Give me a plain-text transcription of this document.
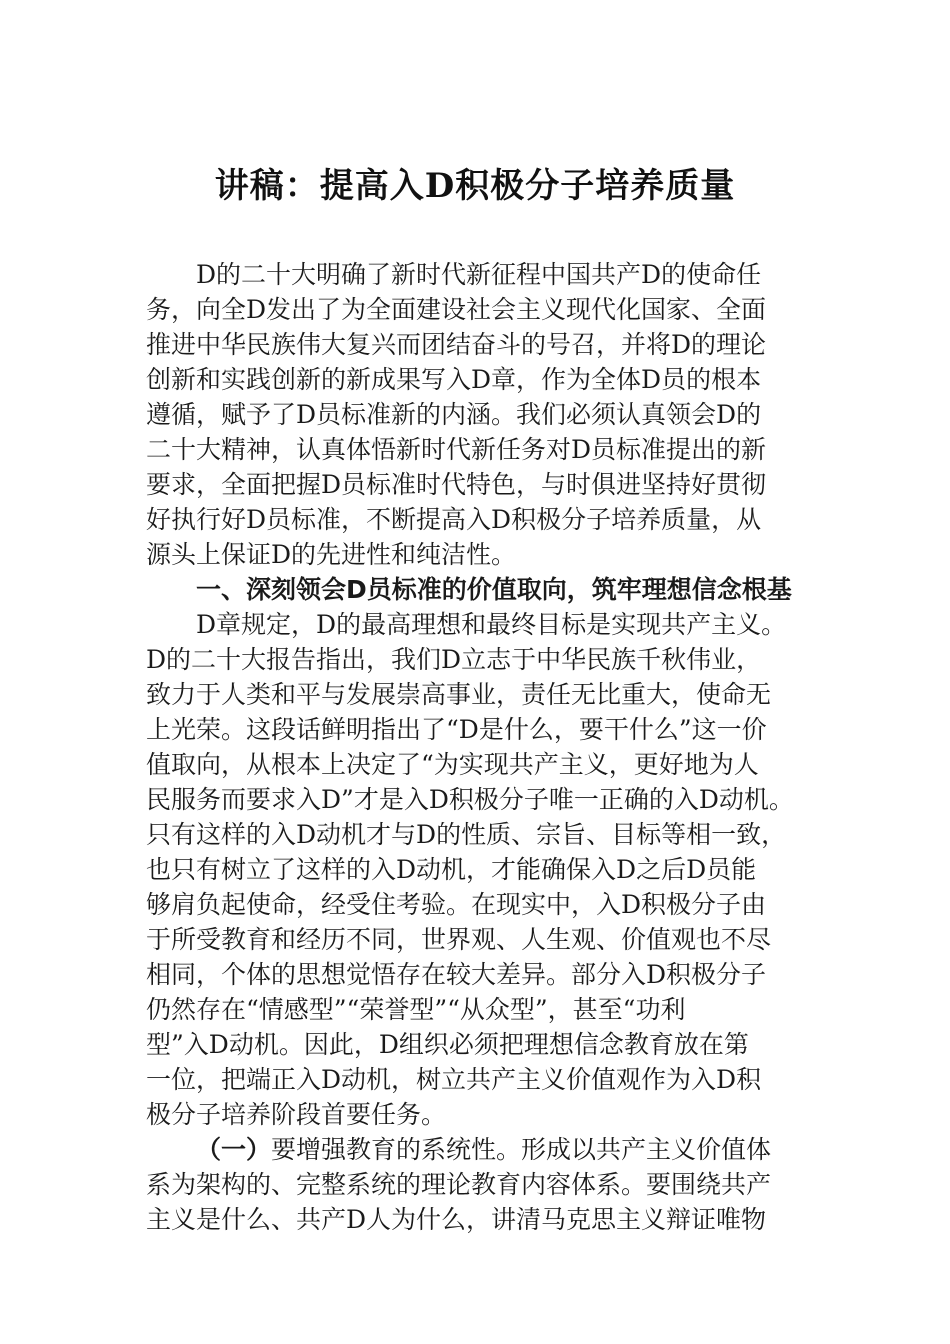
讲稿：提高入D积极分子培养质量
D的二十大明确了新时代新征程中国共产D的使命任
务，向全D发出了为全面建设社会主义现代化国家、全面
推进中华民族伟大复兴而团结奋斗的号召，并将D的理论
创新和实践创新的新成果写入D章，作为全体D员的根本
遵循，赋予了D员标准新的内涵。我们必须认真领会D的
二十大精神，认真体悟新时代新任务对D员标准提出的新
要求，全面把握D员标准时代特色，与时俱进坚持好贯彻
好执行好D员标准，不断提高入D积极分子培养质量，从
源头上保证D的先进性和纯洁性。
一、深刻领会D员标准的价值取向，筑牢理想信念根基
D章规定，D的最高理想和最终目标是实现共产主义。
D的二十大报告指出，我们D立志于中华民族千秋伟业，
致力于人类和平与发展崇高事业，责任无比重大，使命无
上光荣。这段话鲜明指出了“D是什么，要干什么”这一价
值取向，从根本上决定了“为实现共产主义，更好地为人
民服务而要求入D”才是入D积极分子唯一正确的入D动机。
只有这样的入D动机才与D的性质、宗旨、目标等相一致，
也只有树立了这样的入D动机，才能确保入D之后D员能
够肩负起使命，经受住考验。在现实中，入D积极分子由
于所受教育和经历不同，世界观、人生观、价值观也不尽
相同，个体的思想觉悟存在较大差异。部分入D积极分子
仍然存在“情感型”“荣誉型”“从众型”，甚至“功利
型”入D动机。因此，D组织必须把理想信念教育放在第
一位，把端正入D动机，树立共产主义价值观作为入D积
极分子培养阶段首要任务。
（一）要增强教育的系统性。形成以共产主义价值体
系为架构的、完整系统的理论教育内容体系。要围绕共产
主义是什么、共产D人为什么，讲清马克思主义辩证唯物
